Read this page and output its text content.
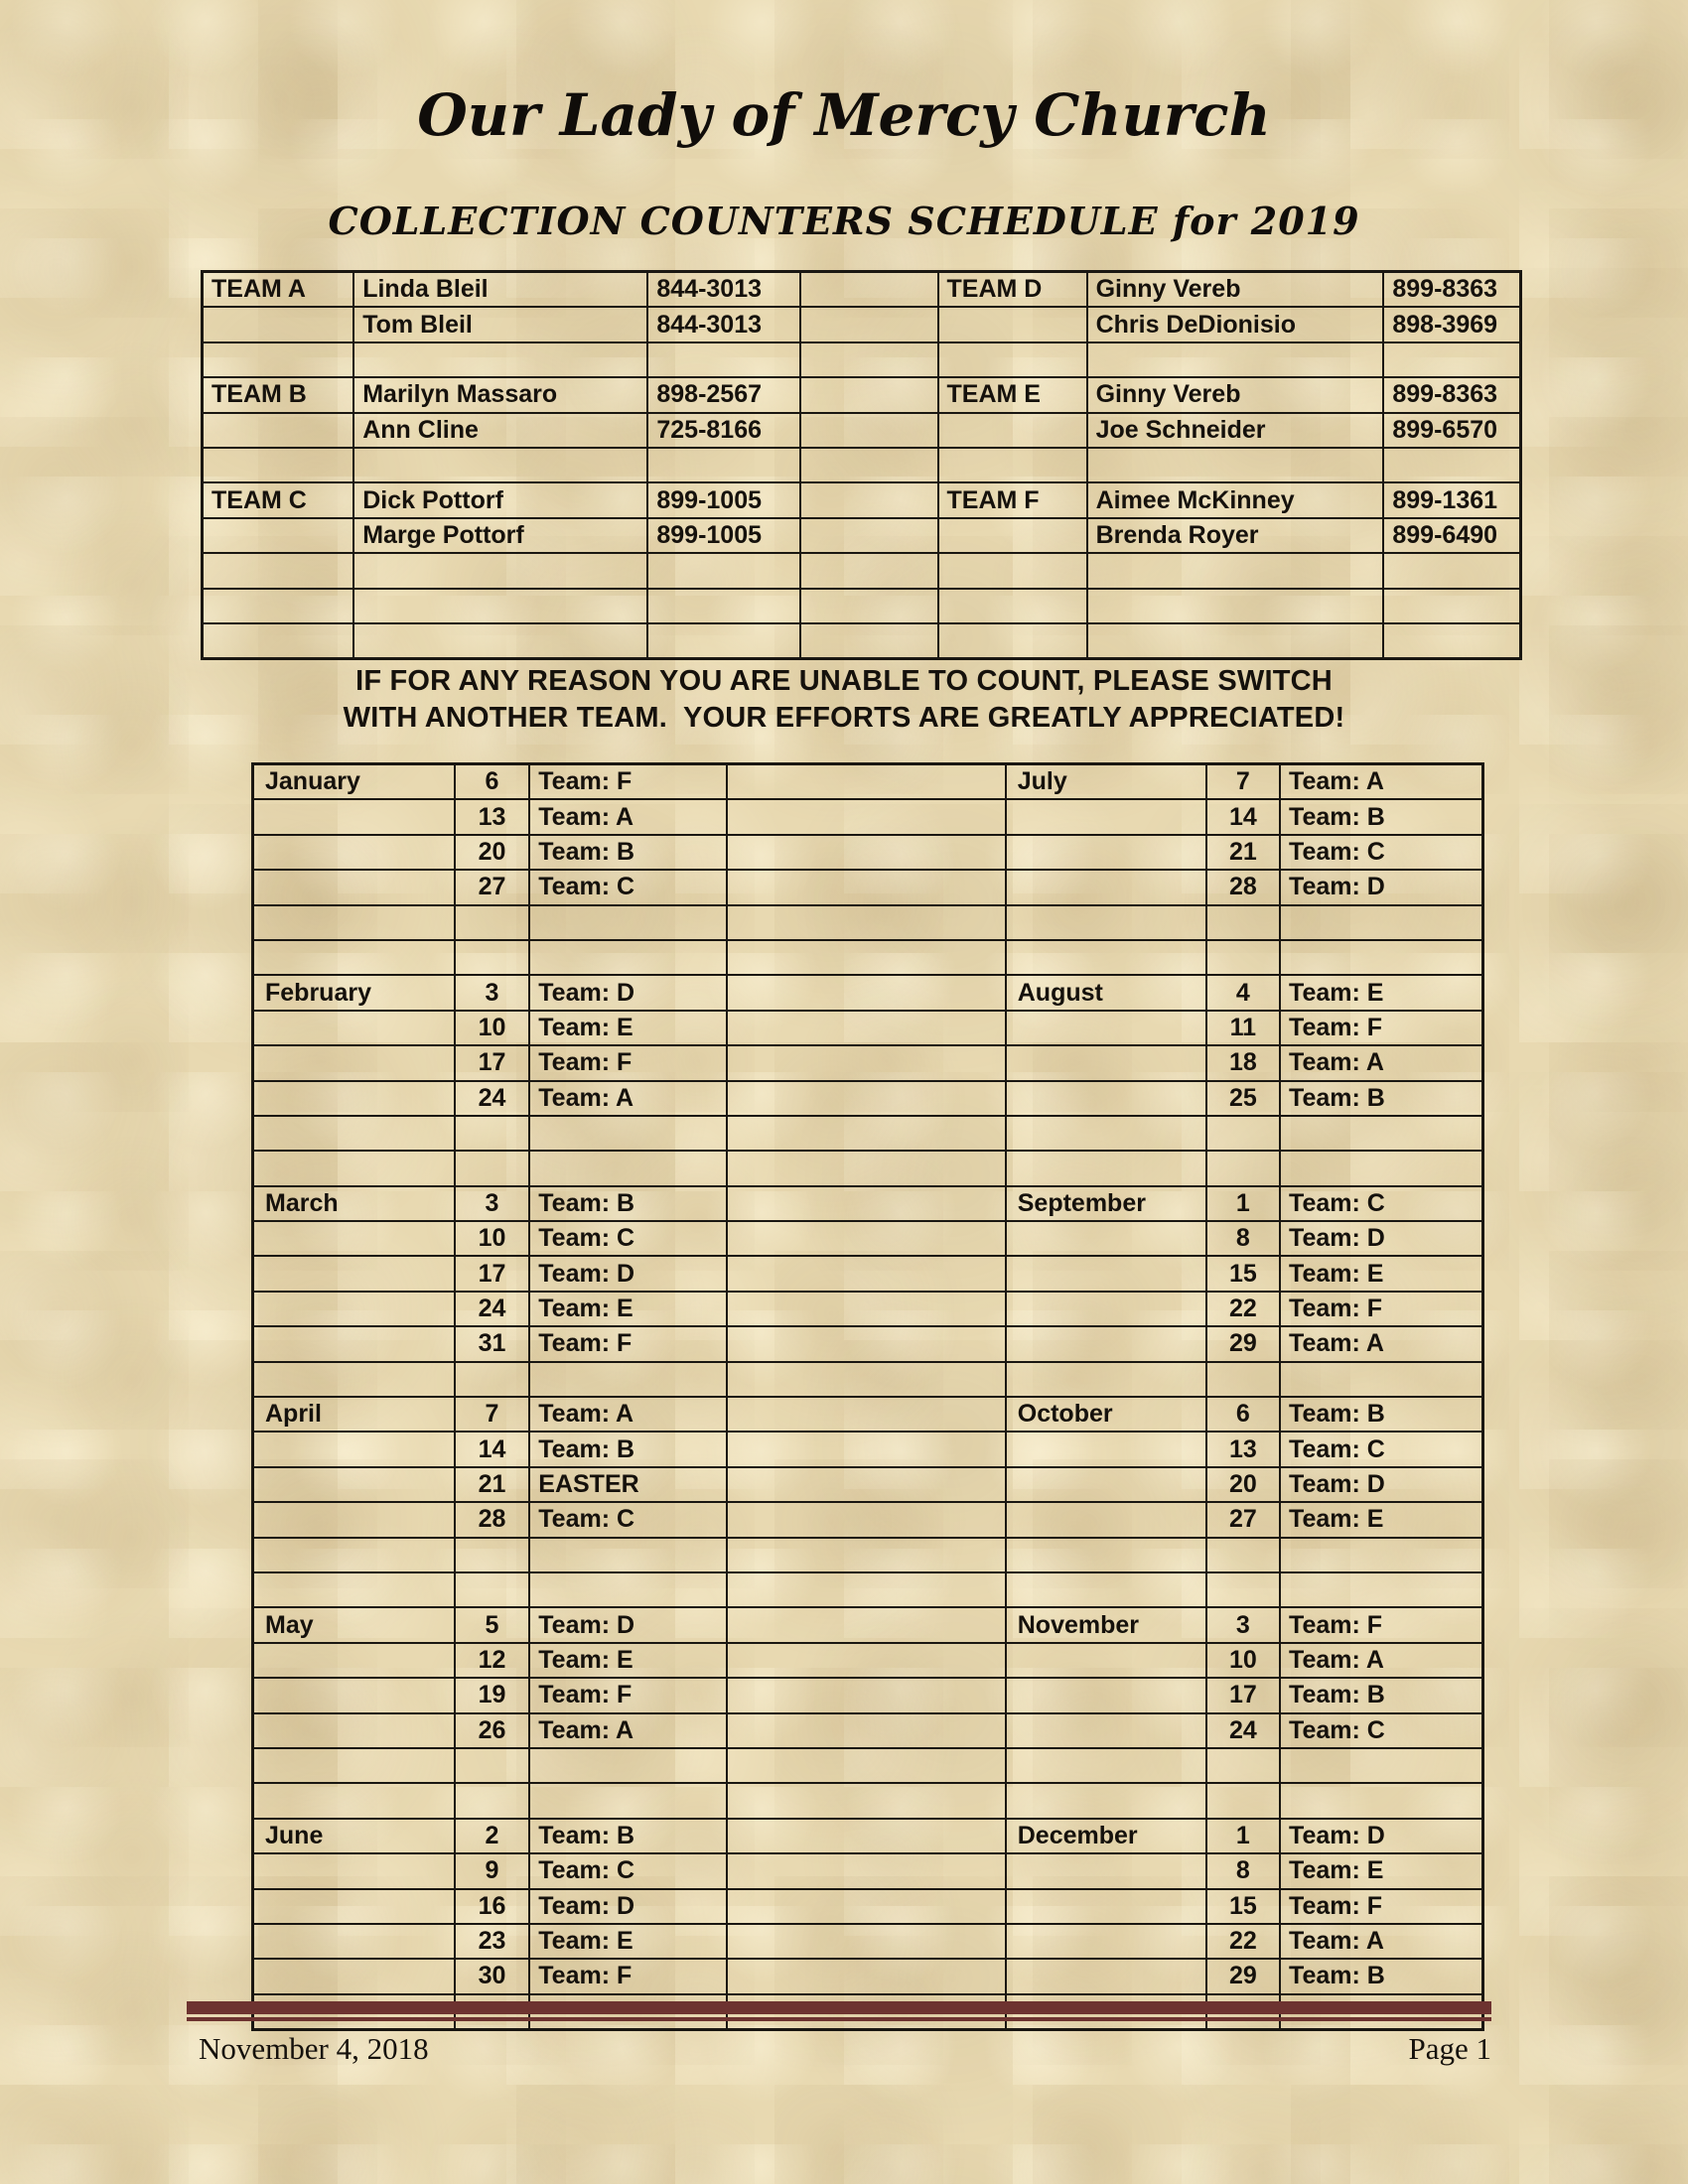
Our Lady of Mercy Church
COLLECTION COUNTERS SCHEDULE for 2019
TEAM A	Linda Bleil	844-3013		TEAM D	Ginny Vereb	899-8363
	Tom Bleil	844-3013			Chris DeDionisio	898-3969

TEAM B	Marilyn Massaro	898-2567		TEAM E	Ginny Vereb	899-8363
	Ann Cline	725-8166			Joe Schneider	899-6570

TEAM C	Dick Pottorf	899-1005		TEAM F	Aimee McKinney	899-1361
	Marge Pottorf	899-1005			Brenda Royer	899-6490

IF FOR ANY REASON YOU ARE UNABLE TO COUNT, PLEASE SWITCH
WITH ANOTHER TEAM.  YOUR EFFORTS ARE GREATLY APPRECIATED!
January	6	Team: F		July	7	Team: A
	13	Team: A			14	Team: B
	20	Team: B			21	Team: C
	27	Team: C			28	Team: D

February	3	Team: D		August	4	Team: E
	10	Team: E			11	Team: F
	17	Team: F			18	Team: A
	24	Team: A			25	Team: B

March	3	Team: B		September	1	Team: C
	10	Team: C			8	Team: D
	17	Team: D			15	Team: E
	24	Team: E			22	Team: F
	31	Team: F			29	Team: A

April	7	Team: A		October	6	Team: B
	14	Team: B			13	Team: C
	21	EASTER			20	Team: D
	28	Team: C			27	Team: E

May	5	Team: D		November	3	Team: F
	12	Team: E			10	Team: A
	19	Team: F			17	Team: B
	26	Team: A			24	Team: C

June	2	Team: B		December	1	Team: D
	9	Team: C			8	Team: E
	16	Team: D			15	Team: F
	23	Team: E			22	Team: A
	30	Team: F			29	Team: B

November 4, 2018	Page 1
